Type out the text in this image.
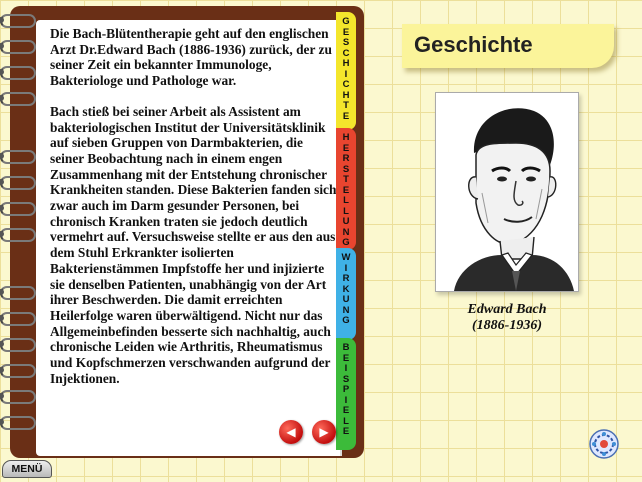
Die Bach-Blütentherapie geht auf den englischen Arzt Dr.Edward Bach (1886-1936) zurück, der zu seiner Zeit ein bekannter Immunologe, Bakteriologe und Pathologe war.

Bach stieß bei seiner Arbeit als Assistent am bakteriologischen Institut der Universitätsklinik auf sieben Gruppen von Darmbakterien, die seiner Beobachtung nach in einem engen Zusammenhang mit der Entstehung chronischer Krankheiten standen. Diese Bakterien fanden sich zwar auch im Darm gesunder Personen, bei chronisch Kranken traten sie jedoch deutlich vermehrt auf. Versuchsweise stellte er aus den aus dem Stuhl Erkrankter isolierten Bakterienstämmen Impfstoffe her und injizierte sie denselben Patienten, unabhängig von der Art ihrer Beschwerden. Die damit erreichten Heilerfolge waren überwältigend. Nicht nur das Allgemeinbefinden besserte sich nachhaltig, auch chronische Leiden wie Arthritis, Rheumatismus und Kopfschmerzen verschwanden aufgrund der Injektionen.

G
E
S
C
H
I
C
H
T
E
H
E
R
S
T
E
L
L
U
N
G
W
I
R
K
U
N
G
B
E
I
S
P
I
E
L
E
◀ ▶
Geschichte
Edward Bach
(1886-1936)
MENÜ
